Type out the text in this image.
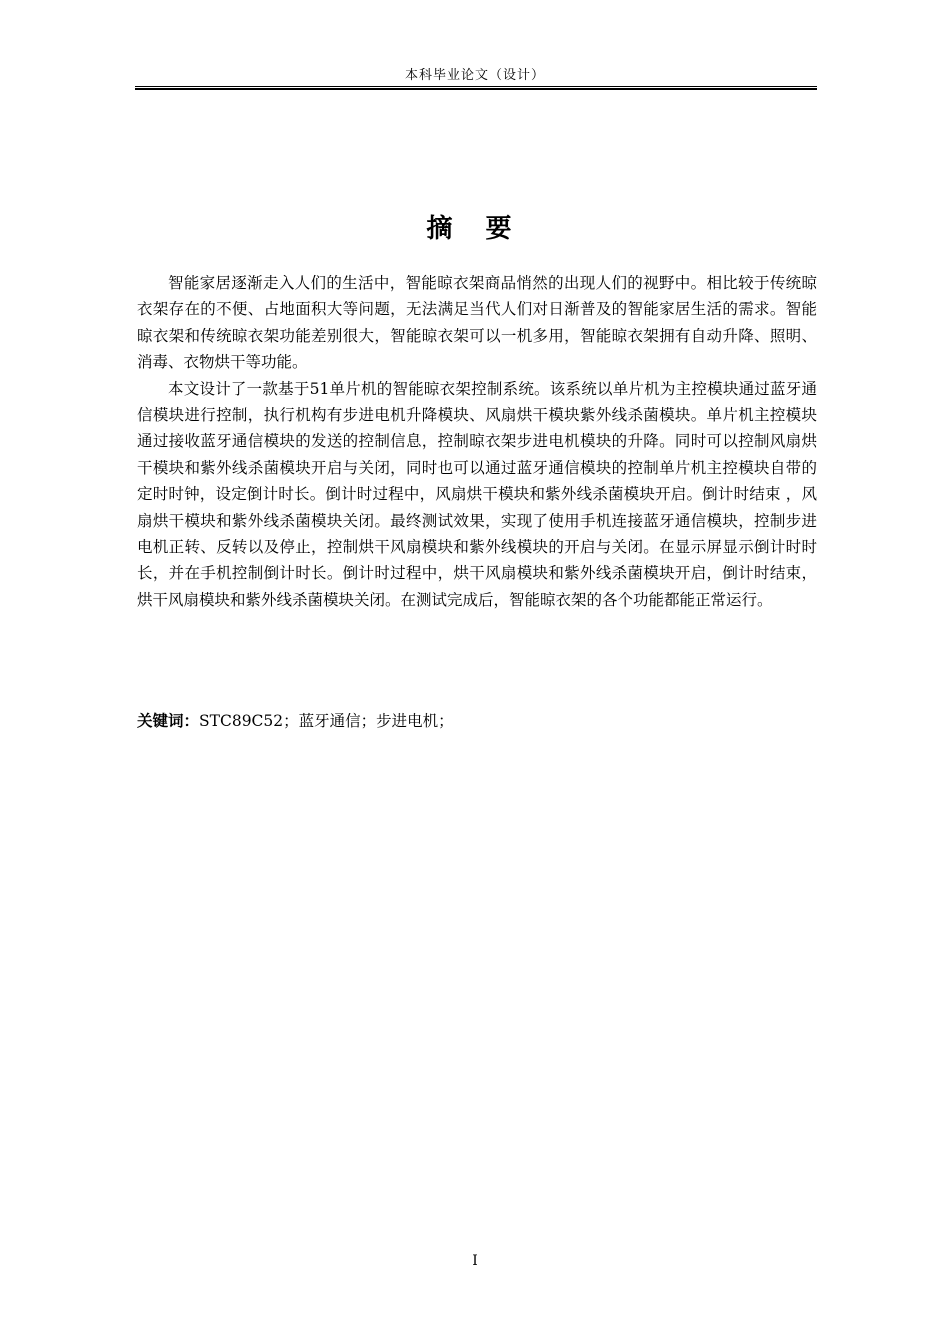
本科毕业论文（设计）
摘 要

智能家居逐渐走入人们的生活中，智能晾衣架商品悄然的出现人们的视野中。相比较于传统晾衣架存在的不便、占地面积大等问题，无法满足当代人们对日渐普及的智能家居生活的需求。智能晾衣架和传统晾衣架功能差别很大，智能晾衣架可以一机多用，智能晾衣架拥有自动升降、照明、消毒、衣物烘干等功能。

本文设计了一款基于51单片机的智能晾衣架控制系统。该系统以单片机为主控模块通过蓝牙通信模块进行控制，执行机构有步进电机升降模块、风扇烘干模块紫外线杀菌模块。单片机主控模块通过接收蓝牙通信模块的发送的控制信息，控制晾衣架步进电机模块的升降。同时可以控制风扇烘干模块和紫外线杀菌模块开启与关闭，同时也可以通过蓝牙通信模块的控制单片机主控模块自带的定时时钟，设定倒计时长。倒计时过程中，风扇烘干模块和紫外线杀菌模块开启。倒计时结束 ，风扇烘干模块和紫外线杀菌模块关闭。最终测试效果，实现了使用手机连接蓝牙通信模块，控制步进电机正转、反转以及停止，控制烘干风扇模块和紫外线模块的开启与关闭。在显示屏显示倒计时时长，并在手机控制倒计时长。倒计时过程中，烘干风扇模块和紫外线杀菌模块开启，倒计时结束，烘干风扇模块和紫外线杀菌模块关闭。在测试完成后，智能晾衣架的各个功能都能正常运行。

关键词：STC89C52；蓝牙通信；步进电机；
I
